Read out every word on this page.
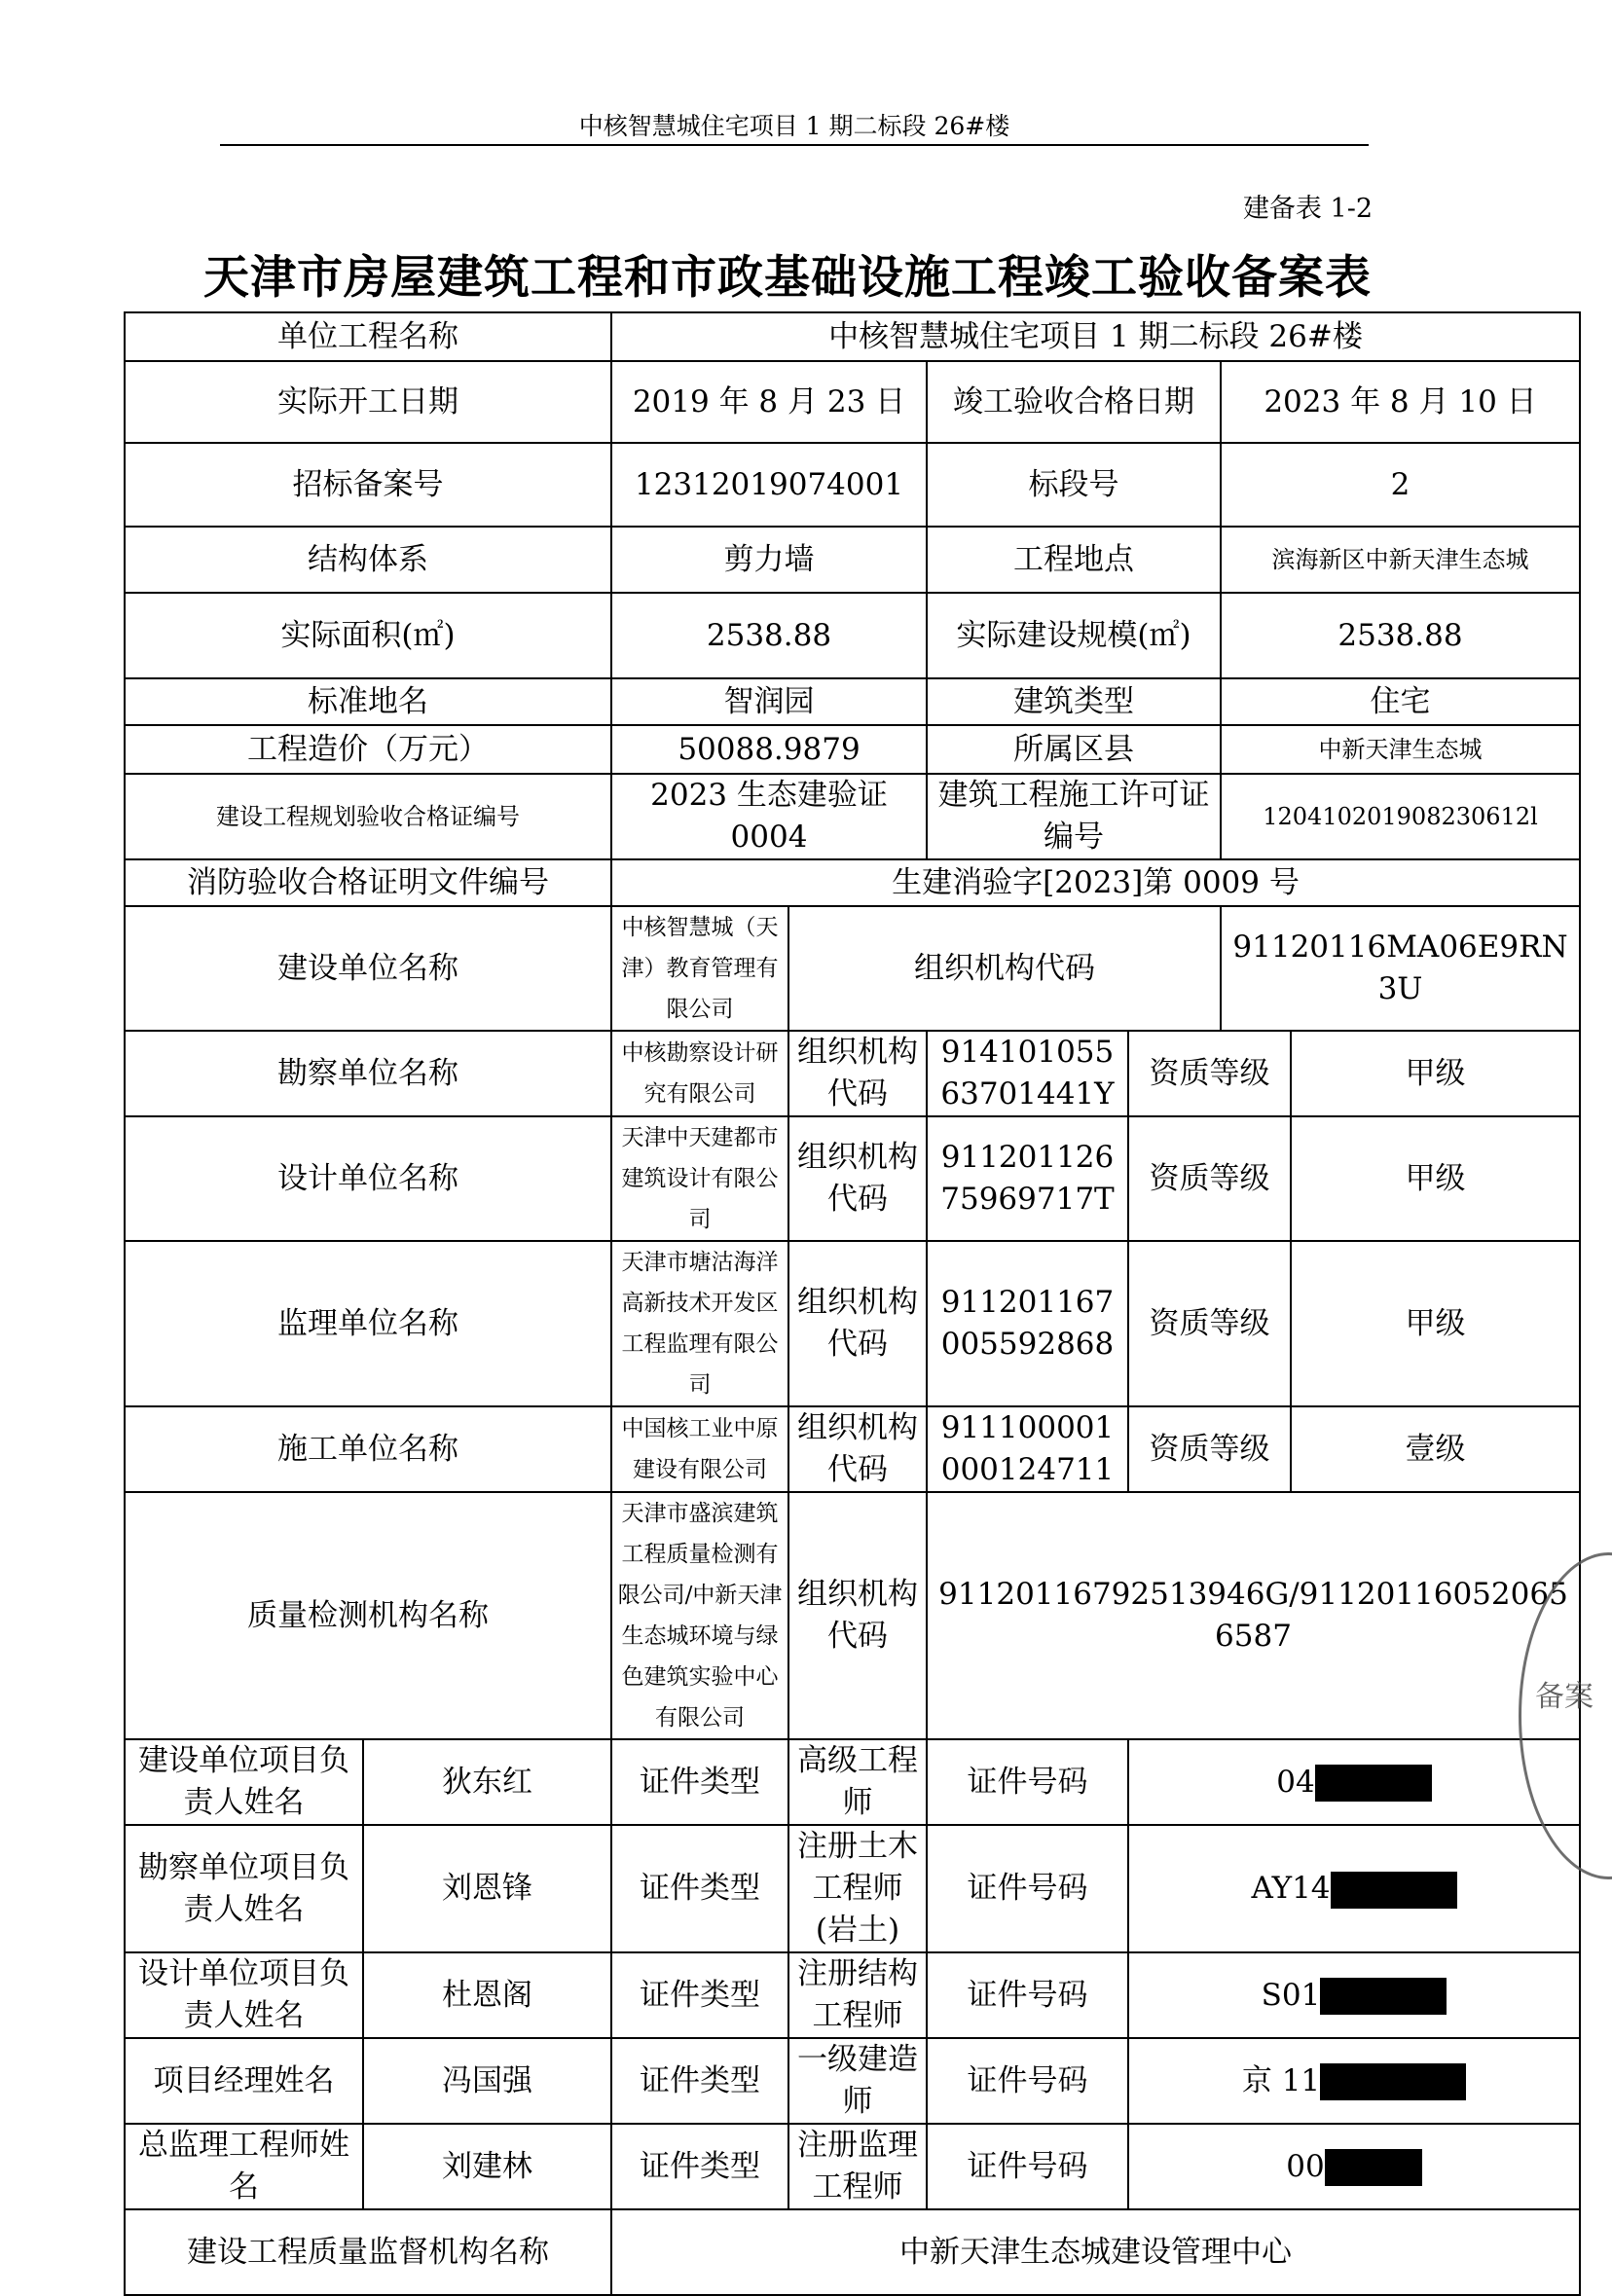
中核智慧城住宅项目 1 期二标段 26#楼
建备表 1-2
天津市房屋建筑工程和市政基础设施工程竣工验收备案表
单位工程名称		中核智慧城住宅项目 1 期二标段 26#楼					
实际开工日期		2019 年 8 月 23 日		竣工验收合格日期		2023 年 8 月 10 日	
招标备案号		12312019074001		标段号		2	
结构体系		剪力墙		工程地点		滨海新区中新天津生态城	
实际面积(㎡)		2538.88		实际建设规模(㎡)		2538.88	
标准地名		智润园		建筑类型		住宅	
工程造价（万元）		50088.9879		所属区县		中新天津生态城	
建设工程规划验收合格证编号		2023 生态建验证 0004		建筑工程施工许可证编号		120410201908230612l	
消防验收合格证明文件编号		生建消验字[2023]第 0009 号					
建设单位名称		中核智慧城（天津）教育管理有限公司	组织机构代码			91120116MA06E9RN3U	
勘察单位名称		中核勘察设计研究有限公司	组织机构代码	91410105563701441Y	资质等级		甲级
设计单位名称		天津中天建都市建筑设计有限公司	组织机构代码	91120112675969717T	资质等级		甲级
监理单位名称		天津市塘沽海洋高新技术开发区工程监理有限公司	组织机构代码	911201167005592868	资质等级		甲级
施工单位名称		中国核工业中原建设有限公司	组织机构代码	911100001000124711	资质等级		壹级
质量检测机构名称		天津市盛滨建筑工程质量检测有限公司/中新天津生态城环境与绿色建筑实验中心有限公司	组织机构代码	91120116792513946G/911201160520656587			
建设单位项目负责人姓名	狄东红	证件类型	高级工程师	证件号码	04		
勘察单位项目负责人姓名	刘恩锋	证件类型	注册土木工程师(岩土)	证件号码	AY14		
设计单位项目负责人姓名	杜恩阁	证件类型	注册结构工程师	证件号码	S01		
项目经理姓名	冯国强	证件类型	一级建造师	证件号码	京 11		
总监理工程师姓名	刘建林	证件类型	注册监理工程师	证件号码	00		
建设工程质量监督机构名称		中新天津生态城建设管理中心					
备案
